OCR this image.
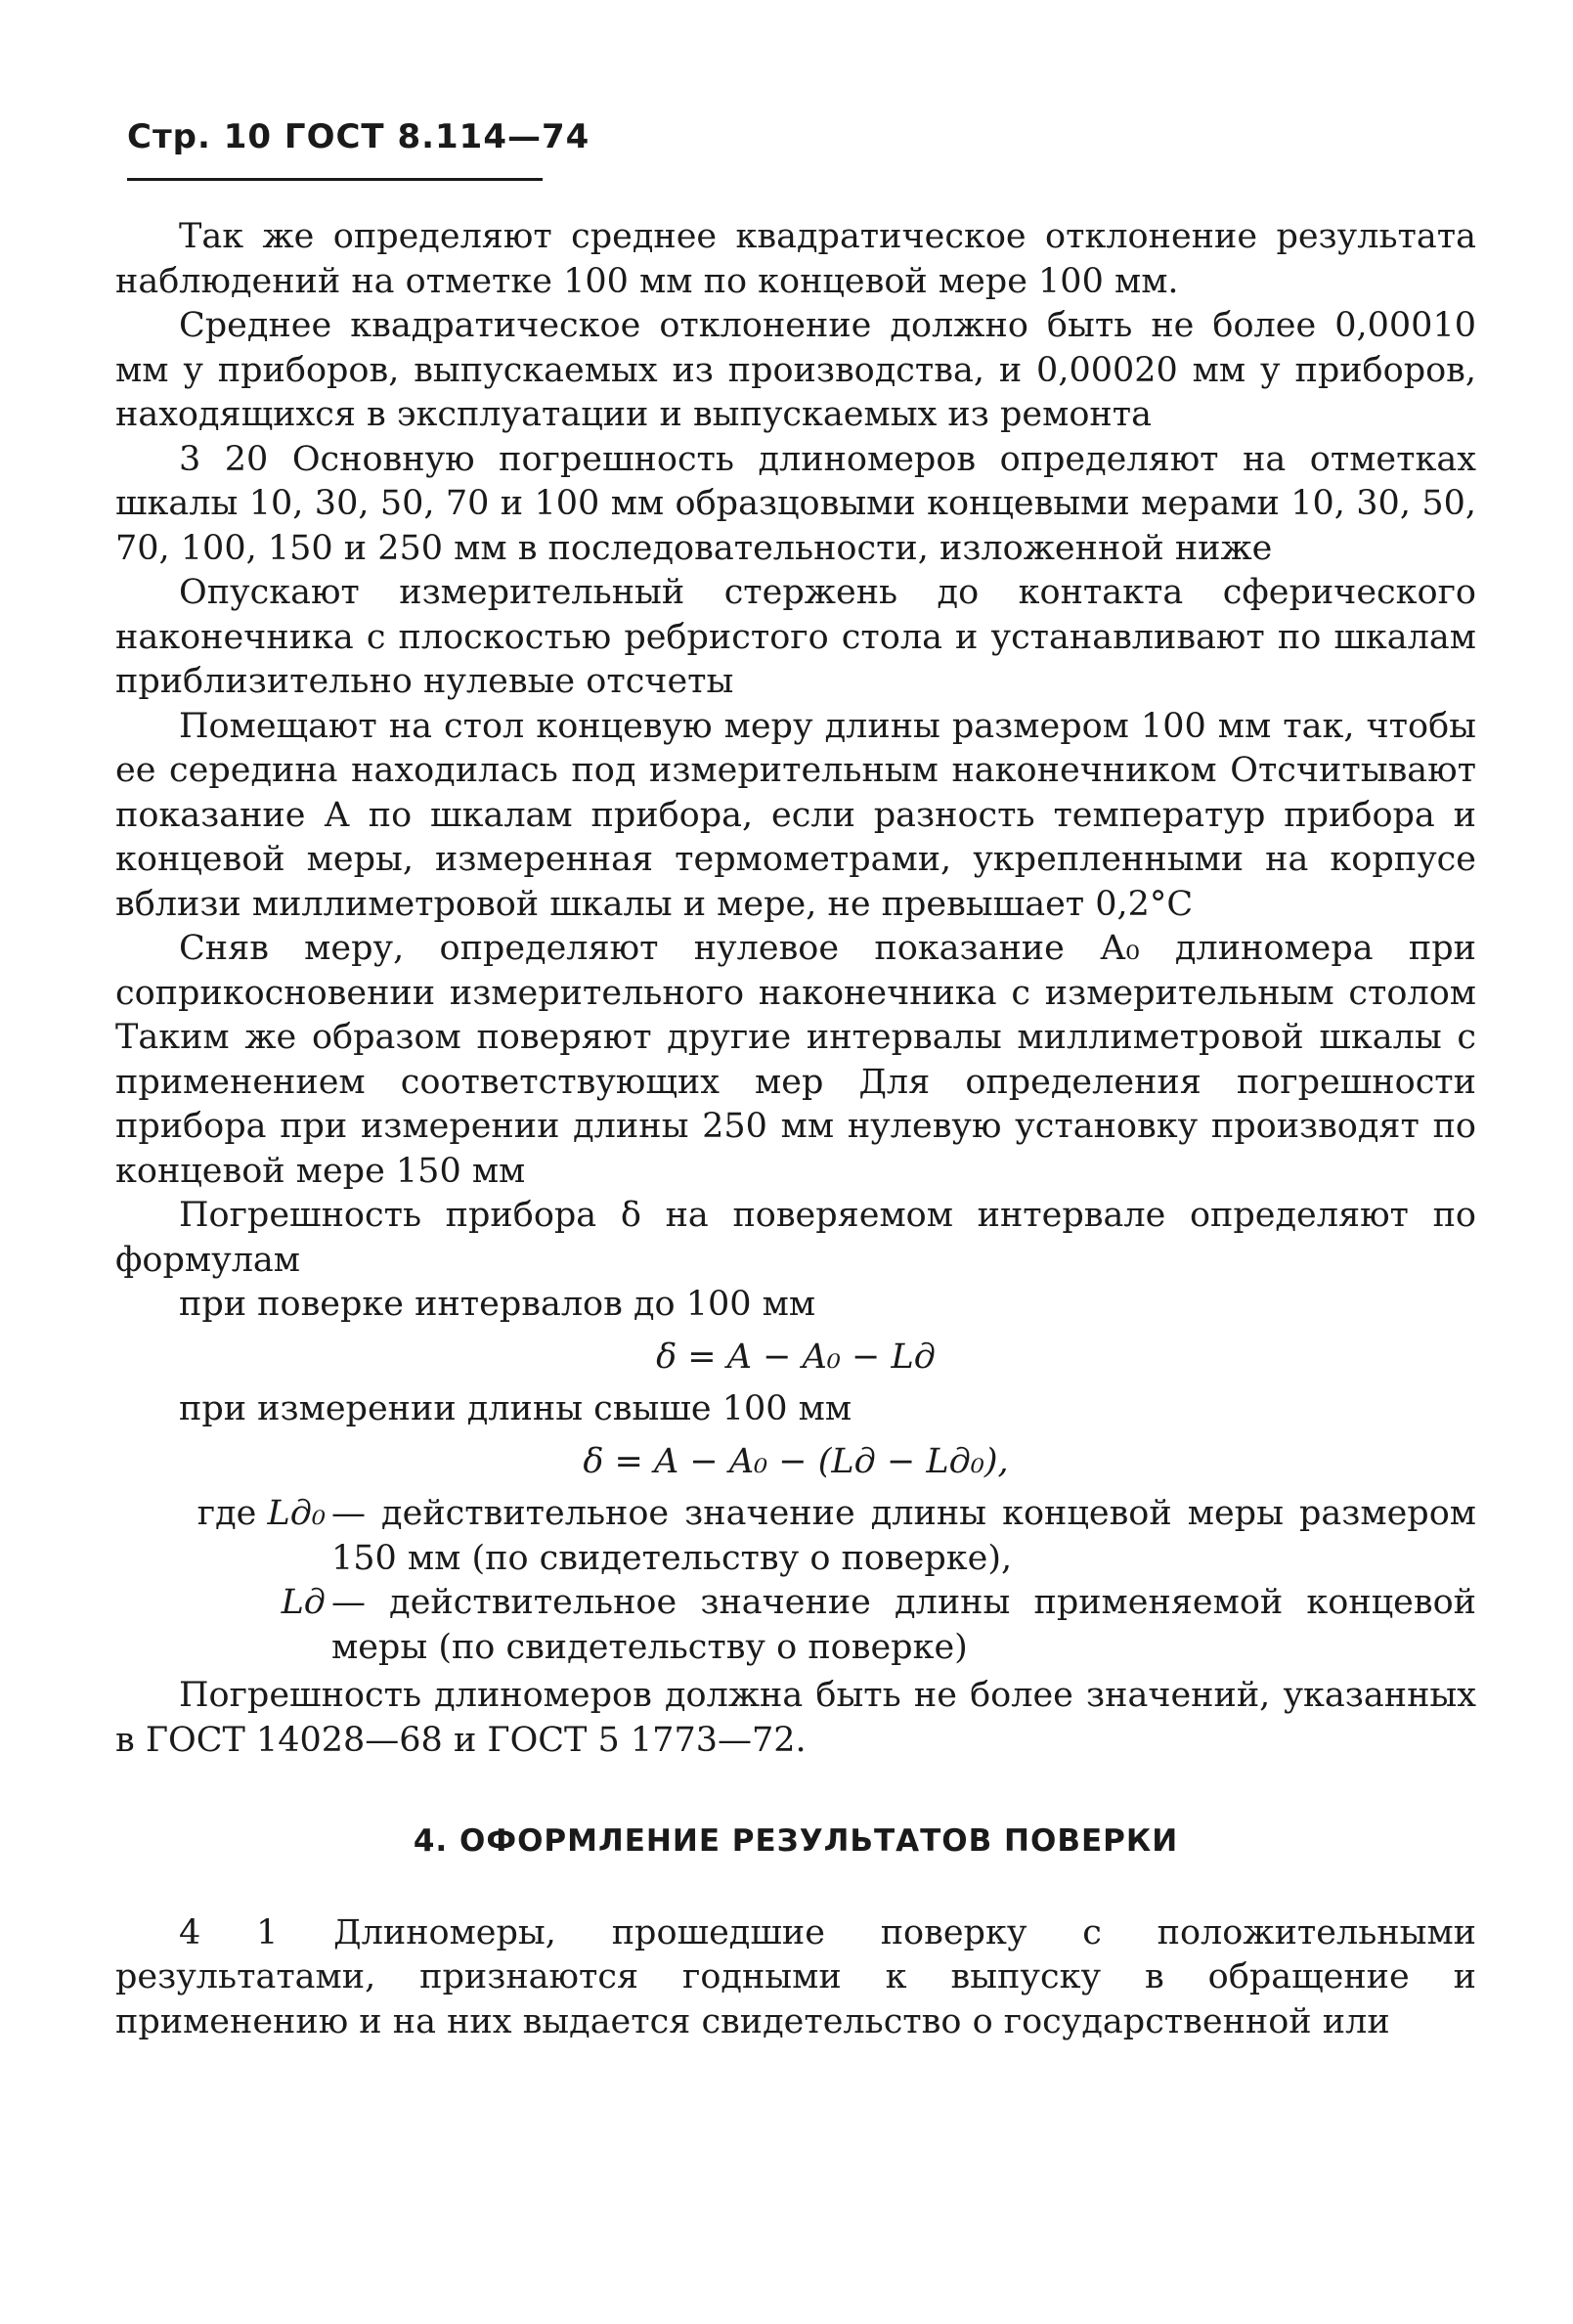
Стр. 10 ГОСТ 8.114—74

Так же определяют среднее квадратическое отклонение результата наблюдений на отметке 100 мм по концевой мере 100 мм.

Среднее квадратическое отклонение должно быть не более 0,00010 мм у приборов, выпускаемых из производства, и 0,00020 мм у приборов, находящихся в эксплуатации и выпускаемых из ремонта

3 20 Основную погрешность длиномеров определяют на отметках шкалы 10, 30, 50, 70 и 100 мм образцовыми концевыми мерами 10, 30, 50, 70, 100, 150 и 250 мм в последовательности, изложенной ниже

Опускают измерительный стержень до контакта сферического наконечника с плоскостью ребристого стола и устанавливают по шкалам приблизительно нулевые отсчеты

Помещают на стол концевую меру длины размером 100 мм так, чтобы ее середина находилась под измерительным наконечником Отсчитывают показание А по шкалам прибора, если разность температур прибора и концевой меры, измеренная термометрами, укрепленными на корпусе вблизи миллиметровой шкалы и мере, не превышает 0,2°С

Сняв меру, определяют нулевое показание А₀ длиномера при соприкосновении измерительного наконечника с измерительным столом Таким же образом поверяют другие интервалы миллиметровой шкалы с применением соответствующих мер Для определения погрешности прибора при измерении длины 250 мм нулевую установку производят по концевой мере 150 мм

Погрешность прибора δ на поверяемом интервале определяют по формулам

при поверке интервалов до 100 мм
δ = A − A₀ − Lд
при измерении длины свыше 100 мм
δ = A − A₀ − (Lд − Lд₀),
где Lд₀ — действительное значение длины концевой меры размером 150 мм (по свидетельству о поверке),
Lд — действительное значение длины применяемой концевой меры (по свидетельству о поверке)

Погрешность длиномеров должна быть не более значений, указанных в ГОСТ 14028—68 и ГОСТ 5 1773—72.

4. ОФОРМЛЕНИЕ РЕЗУЛЬТАТОВ ПОВЕРКИ

4 1 Длиномеры, прошедшие поверку с положительными результатами, признаются годными к выпуску в обращение и применению и на них выдается свидетельство о государственной или
